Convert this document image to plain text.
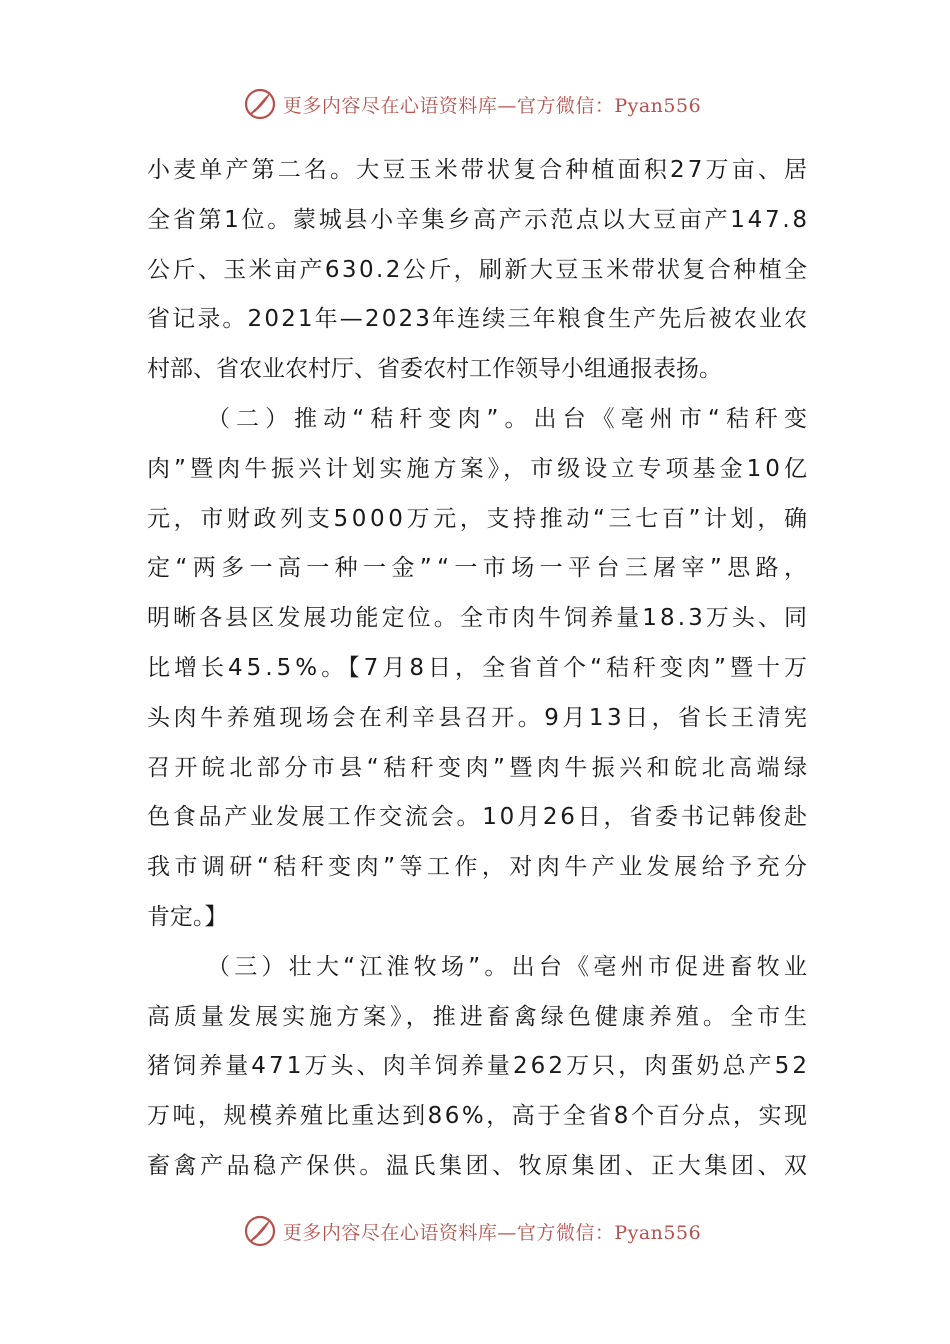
更多内容尽在心语资料库—官方微信：Pyan556
小麦单产第二名。大豆玉米带状复合种植面积27万亩、居
全省第1位。蒙城县小辛集乡高产示范点以大豆亩产147.8
公斤、玉米亩产630.2公斤，刷新大豆玉米带状复合种植全
省记录。2021年—2023年连续三年粮食生产先后被农业农
村部、省农业农村厅、省委农村工作领导小组通报表扬。
（二）推动“秸秆变肉”。出台《亳州市“秸秆变
肉”暨肉牛振兴计划实施方案》，市级设立专项基金10亿
元，市财政列支5000万元，支持推动“三七百”计划，确
定“两多一高一种一金”“一市场一平台三屠宰”思路，
明晰各县区发展功能定位。全市肉牛饲养量18.3万头、同
比增长45.5%。【7月8日，全省首个“秸秆变肉”暨十万
头肉牛养殖现场会在利辛县召开。9月13日，省长王清宪
召开皖北部分市县“秸秆变肉”暨肉牛振兴和皖北高端绿
色食品产业发展工作交流会。10月26日，省委书记韩俊赴
我市调研“秸秆变肉”等工作，对肉牛产业发展给予充分
肯定。】
（三）壮大“江淮牧场”。出台《亳州市促进畜牧业
高质量发展实施方案》，推进畜禽绿色健康养殖。全市生
猪饲养量471万头、肉羊饲养量262万只，肉蛋奶总产52
万吨，规模养殖比重达到86%，高于全省8个百分点，实现
畜禽产品稳产保供。温氏集团、牧原集团、正大集团、双
更多内容尽在心语资料库—官方微信：Pyan556
